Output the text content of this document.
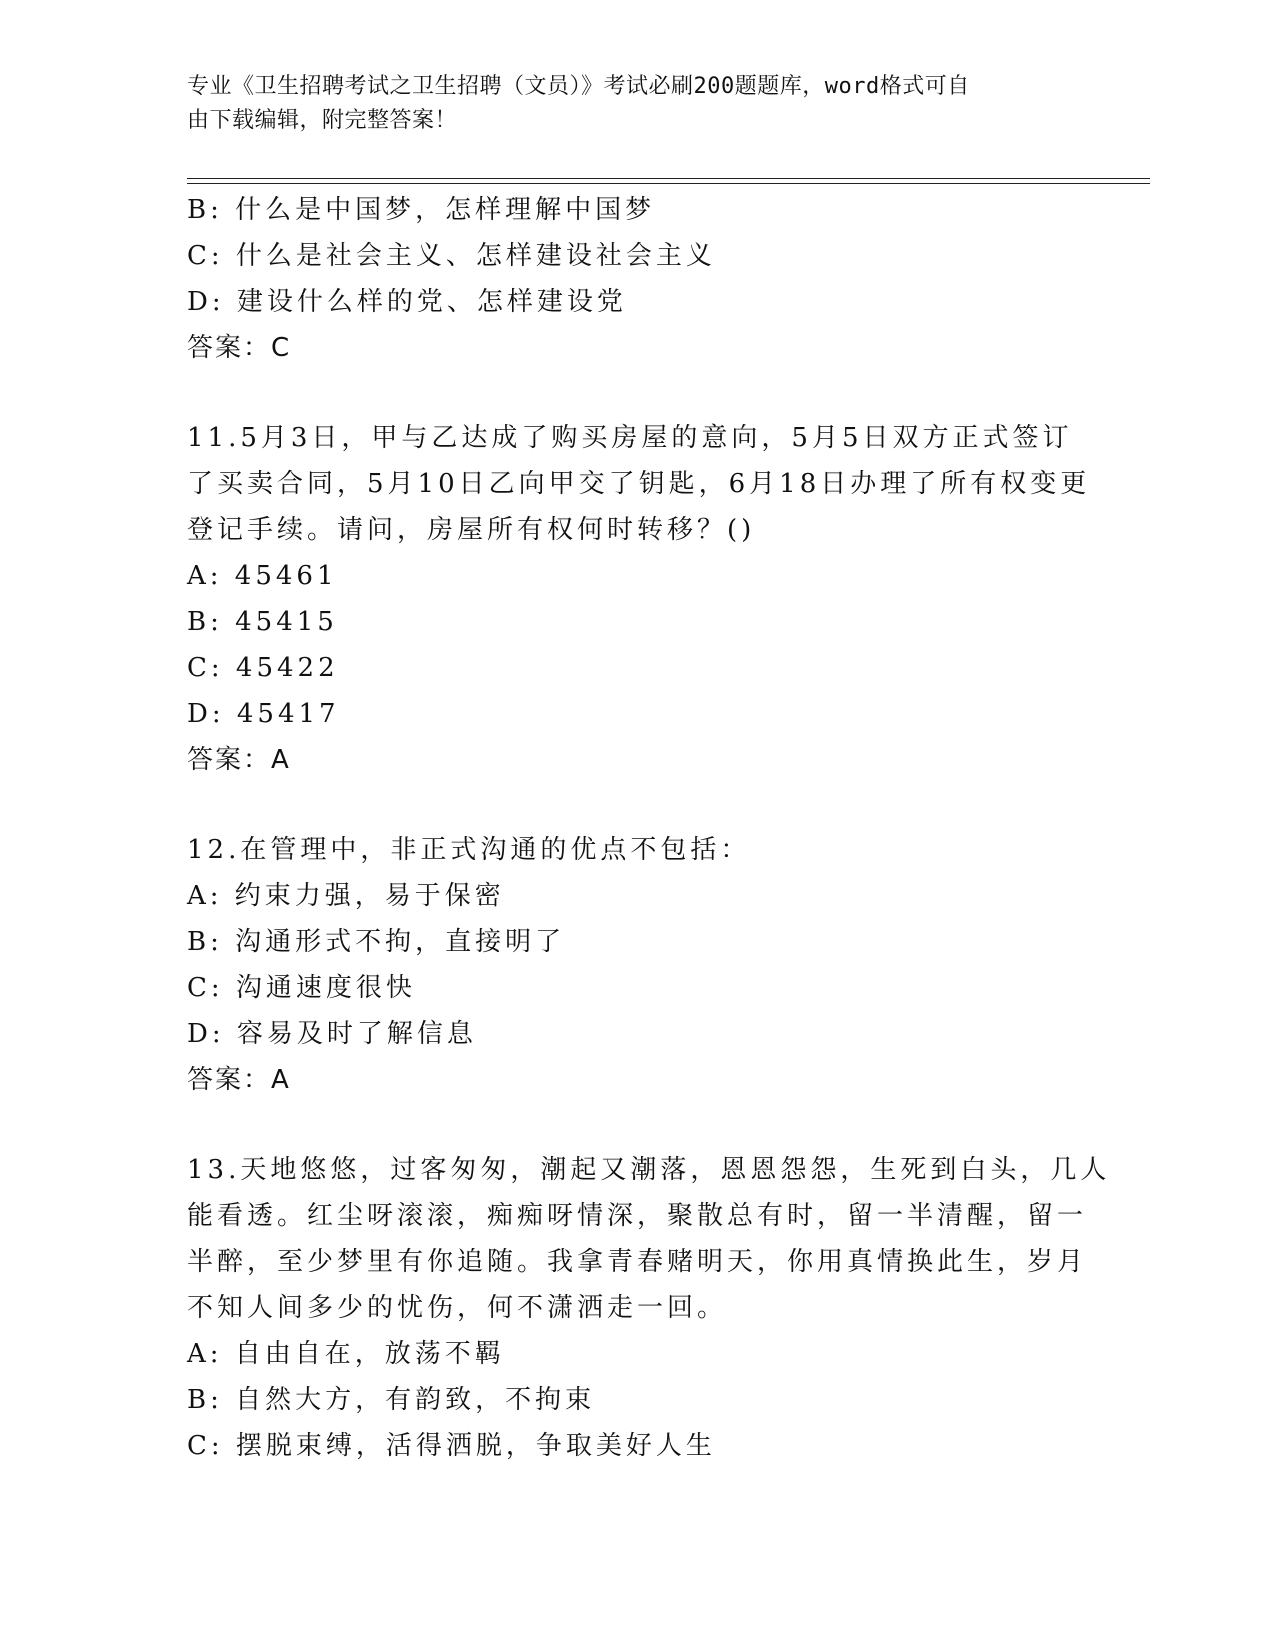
专业《卫生招聘考试之卫生招聘（文员）》考试必刷200题题库，word格式可自
由下载编辑，附完整答案！
B: 什么是中国梦，怎样理解中国梦
C: 什么是社会主义、怎样建设社会主义
D: 建设什么样的党、怎样建设党
答案：C
11.5月3日，甲与乙达成了购买房屋的意向，5月5日双方正式签订
了买卖合同，5月10日乙向甲交了钥匙，6月18日办理了所有权变更
登记手续。请问，房屋所有权何时转移？()
A: 45461
B: 45415
C: 45422
D: 45417
答案：A
12.在管理中，非正式沟通的优点不包括：
A: 约束力强，易于保密
B: 沟通形式不拘，直接明了
C: 沟通速度很快
D: 容易及时了解信息
答案：A
13.天地悠悠，过客匆匆，潮起又潮落，恩恩怨怨，生死到白头，几人
能看透。红尘呀滚滚，痴痴呀情深，聚散总有时，留一半清醒，留一
半醉，至少梦里有你追随。我拿青春赌明天，你用真情换此生，岁月
不知人间多少的忧伤，何不潇洒走一回。
A: 自由自在，放荡不羁
B: 自然大方，有韵致，不拘束
C: 摆脱束缚，活得洒脱，争取美好人生
